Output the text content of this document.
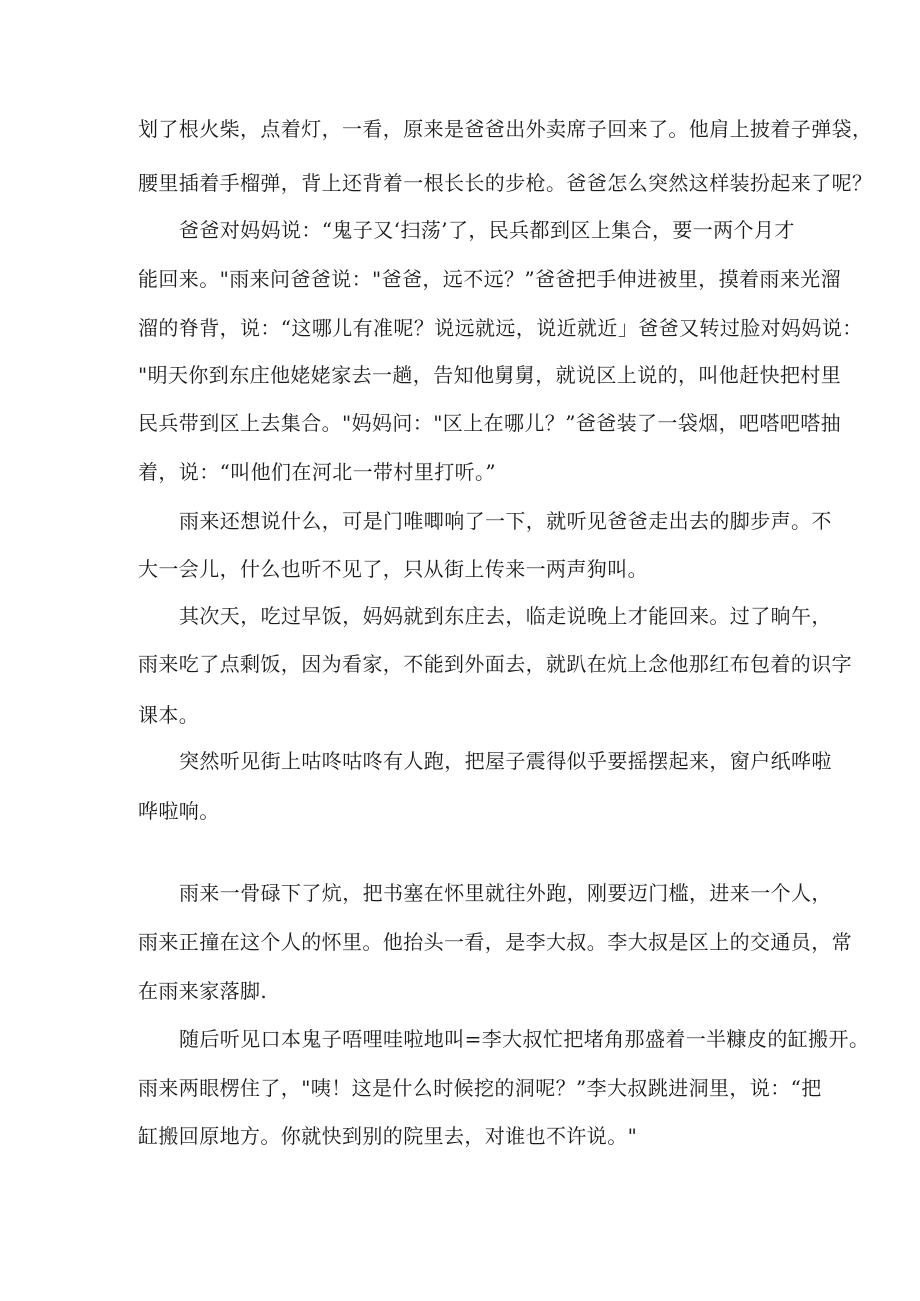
划了根火柴，点着灯，一看，原来是爸爸出外卖席子回来了。他肩上披着子弹袋，
腰里插着手榴弹，背上还背着一根长长的步枪。爸爸怎么突然这样装扮起来了呢？
爸爸对妈妈说：“鬼子又‘扫荡’了，民兵都到区上集合，要一两个月才
能回来。"雨来问爸爸说："爸爸，远不远？”爸爸把手伸进被里，摸着雨来光溜
溜的脊背，说：“这哪儿有准呢？说远就远，说近就近」爸爸又转过脸对妈妈说：
"明天你到东庄他姥姥家去一趟，告知他舅舅，就说区上说的，叫他赶快把村里
民兵带到区上去集合。"妈妈问："区上在哪儿？”爸爸装了一袋烟，吧嗒吧嗒抽
着，说：“叫他们在河北一带村里打听。”
雨来还想说什么，可是门唯唧响了一下，就听见爸爸走出去的脚步声。不
大一会儿，什么也听不见了，只从街上传来一两声狗叫。
其次天，吃过早饭，妈妈就到东庄去，临走说晚上才能回来。过了晌午，
雨来吃了点剩饭，因为看家，不能到外面去，就趴在炕上念他那红布包着的识字
课本。
突然听见街上咕咚咕咚有人跑，把屋子震得似乎要摇摆起来，窗户纸哗啦
哗啦响。
雨来一骨碌下了炕，把书塞在怀里就往外跑，刚要迈门槛，进来一个人，
雨来正撞在这个人的怀里。他抬头一看，是李大叔。李大叔是区上的交通员，常
在雨来家落脚.
随后听见口本鬼子唔哩哇啦地叫=李大叔忙把堵角那盛着一半糠皮的缸搬开。
雨来两眼楞住了，"咦！这是什么时候挖的洞呢？”李大叔跳进洞里，说：“把
缸搬回原地方。你就快到别的院里去，对谁也不许说。"
